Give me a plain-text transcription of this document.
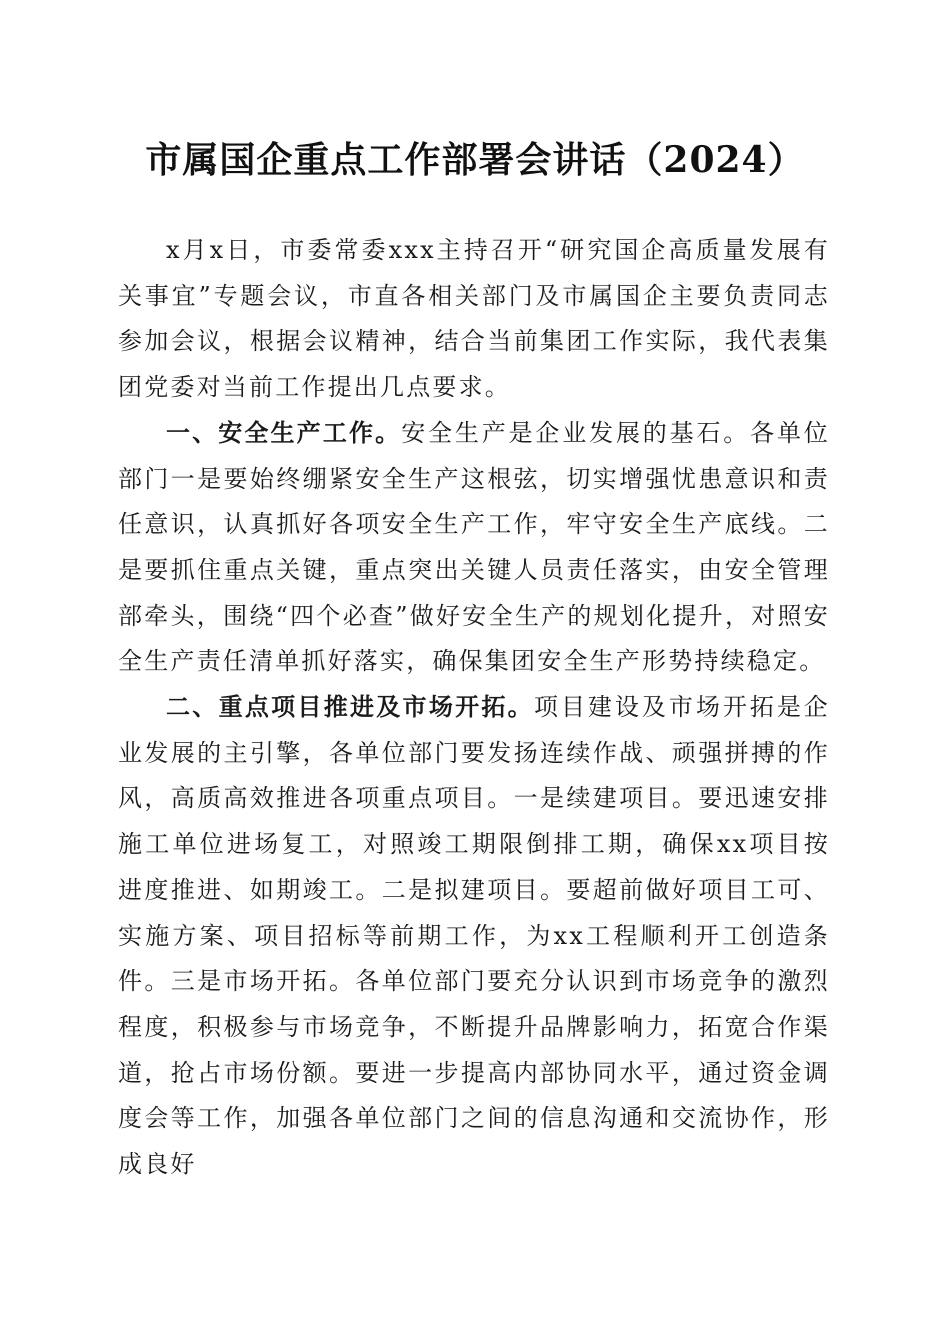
市属国企重点工作部署会讲话（2024）

x月x日，市委常委xxx主持召开“研究国企高质量发展有关事宜”专题会议，市直各相关部门及市属国企主要负责同志参加会议，根据会议精神，结合当前集团工作实际，我代表集团党委对当前工作提出几点要求。

一、安全生产工作。安全生产是企业发展的基石。各单位部门一是要始终绷紧安全生产这根弦，切实增强忧患意识和责任意识，认真抓好各项安全生产工作，牢守安全生产底线。二是要抓住重点关键，重点突出关键人员责任落实，由安全管理部牵头，围绕“四个必查”做好安全生产的规划化提升，对照安全生产责任清单抓好落实，确保集团安全生产形势持续稳定。

二、重点项目推进及市场开拓。项目建设及市场开拓是企业发展的主引擎，各单位部门要发扬连续作战、顽强拼搏的作风，高质高效推进各项重点项目。一是续建项目。要迅速安排施工单位进场复工，对照竣工期限倒排工期，确保xx项目按进度推进、如期竣工。二是拟建项目。要超前做好项目工可、实施方案、项目招标等前期工作，为xx工程顺利开工创造条件。三是市场开拓。各单位部门要充分认识到市场竞争的激烈程度，积极参与市场竞争，不断提升品牌影响力，拓宽合作渠道，抢占市场份额。要进一步提高内部协同水平，通过资金调度会等工作，加强各单位部门之间的信息沟通和交流协作，形成良好
